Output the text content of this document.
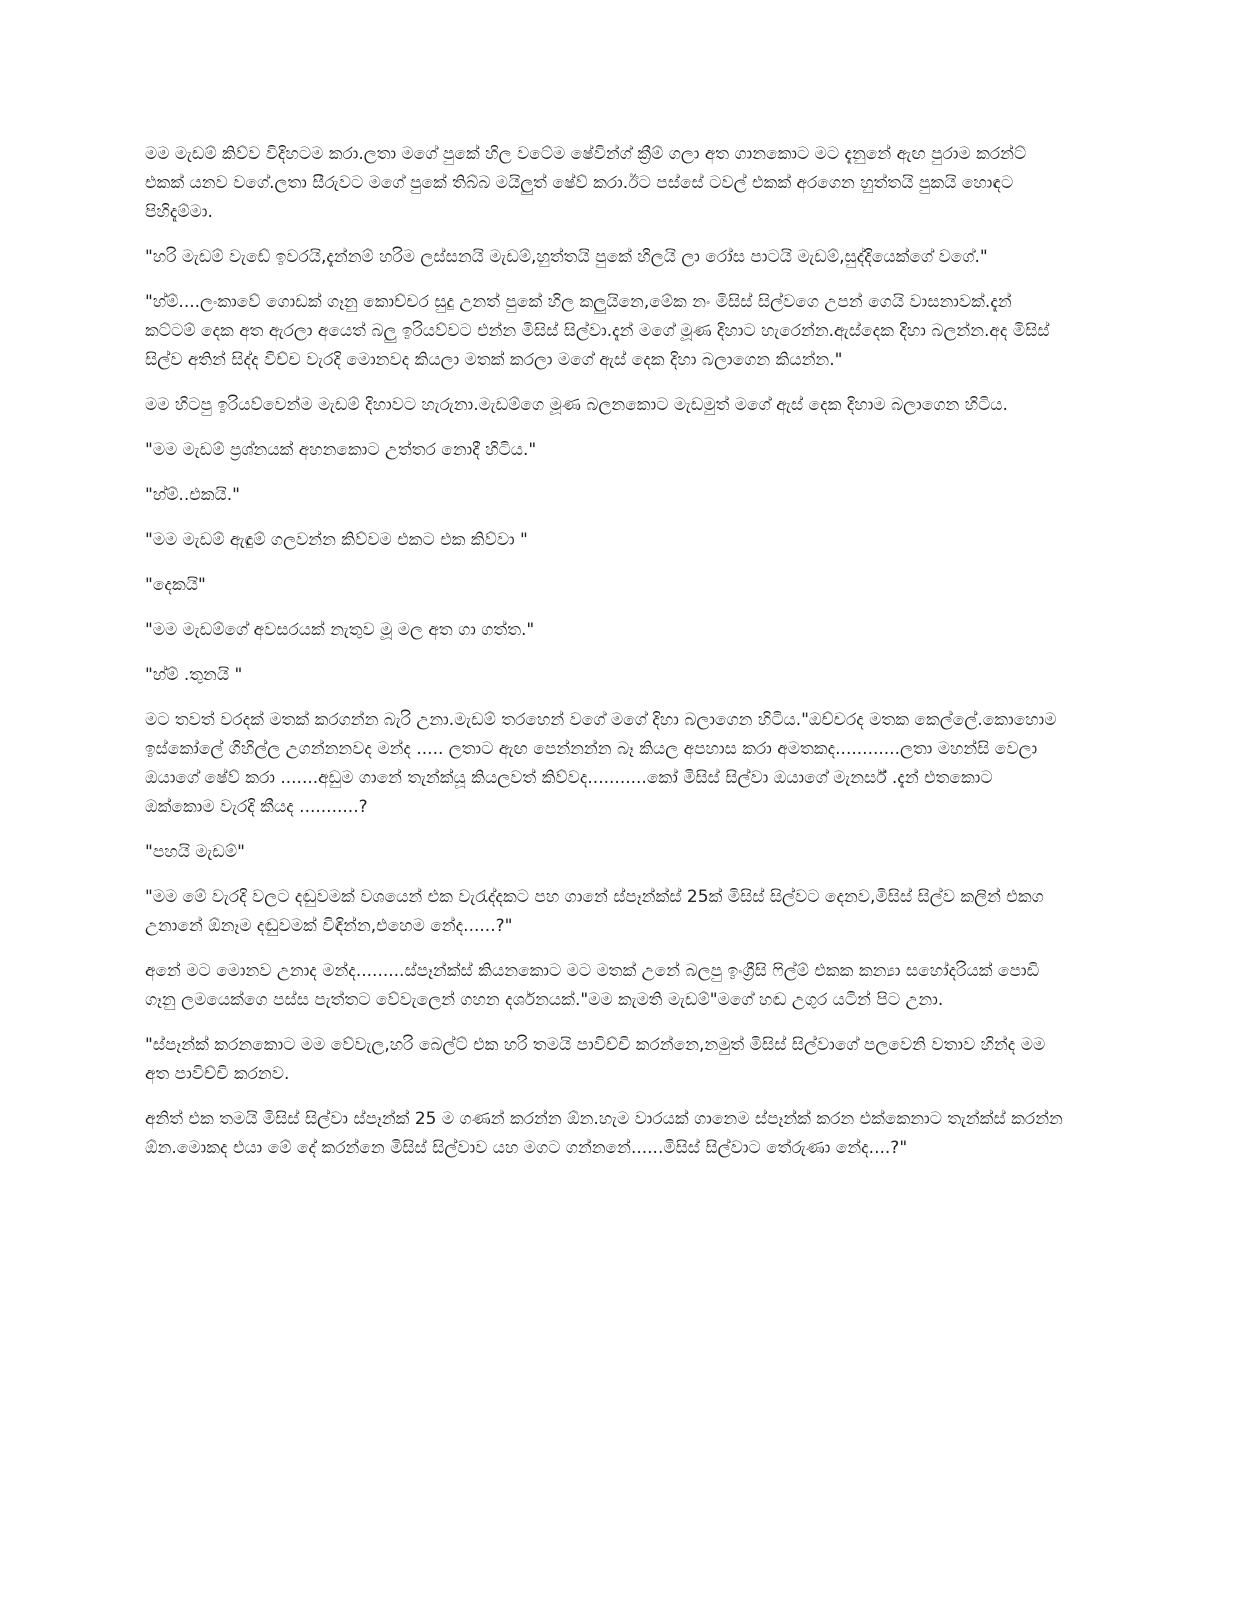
මම මැඩම් කිව්ව විදිහටම කරා.ලතා මගේ පුකේ හිල වටේම ෂේවින්ග් ක්‍රීම් ගලා අත ගානකොට මට දැනුනේ ඇඟ පුරාම කරන්ට් එකක් යනව වගේ.ලතා සීරුවට මගේ පුකේ තිබ්බ මයිලුත් ෂේව් කරා.ඊට පස්සේ ටවල් එකක් අරගෙන හුත්තයි පුකයි හොඳට පිහිදැම්මා.

"හරි මැඩම් වැඩේ ඉවරයි,දැන්නම් හරිම ලස්සනයි මැඩම්,හුත්තයි පුකේ හිලයි ලා රෝස පාටයි මැඩම්,සුද්දියෙක්ගේ වගේ."

"හ්ම්....ලංකාවේ ගොඩක් ගෑනු කොච්චර සුදු උනත් පුකේ හිල කලුයිනෙ,මේක නං මිසිස් සිල්වගෙ උපන් ගෙයි වාසනාවක්.දැන් කට්ටම් දෙක අත ඇරලා අයෙත් බලු ඉරියව්වට එන්න මිසිස් සිල්වා.දැන් මගේ මූණ දිහාට හැරෙන්න.ඇස්දෙක දිහා බලන්න.අද මිසිස් සිල්ව අතින් සිද්ද විච්ච වැරදි මොනවද කියලා මතක් කරලා මගේ ඇස් දෙක දිහා බලාගෙන කියන්න."

මම හිටපු ඉරියව්වෙන්ම මැඩම් දිහාවට හැරුනා.මැඩම්ගෙ මූණ බලනකොට මැඩමුත් මගේ ඇස් දෙක දිහාම බලාගෙන හිටිය.

"මම මැඩම් ප්‍රශ්නයක් අහනකොට උත්තර නොදී හිටිය."

"හ්ම්..එකයි."

"මම මැඩම් ඇඳුම් ගලවන්න කිව්වම එකට එක කිව්වා "

"දෙකයි"

"මම මැඩම්ගේ අවසරයක් නැතුව මූ මල අත ගා ගත්ත."

"හ්ම් .තුනයි "

මට තවත් වරදක් මතක් කරගන්න බැරි උනා.මැඩම් තරහෙන් වගේ මගේ දිහා බලාගෙන හිටිය."ඔච්චරද මතක කෙල්ලේ.කොහොම ඉස්කෝලේ ගිහිල්ල උගන්නනවද මන්ද ..... ලතාට ඇඟ පෙන්නන්න බෑ කියල අපහාස කරා අමතකද............ලතා මහන්සි වෙලා ඔයාගේ ෂේව් කරා .......අඩුම ගානේ තැන්ක්යූ කියලවත් කිව්වද...........කෝ මිසිස් සිල්වා ඔයාගේ මැනර්ස් .දැන් එතකොට ඔක්කොම වැරදි කීයද ...........?

"පහයි මැඩම්"

"මම මේ වැරදි වලට දඬුවමක් වශයෙන් එක වැරැද්දකට පහ ගානේ ස්පෑන්ක්ස් 25ක් මිසිස් සිල්වට දෙනව,මිසිස් සිල්ව කලින් එකග උනානේ ඕනෑම දඬුවමක් විඳින්න,එහෙම නේද......?"

අනේ මට මොනව උනාද මන්ද.........ස්පෑන්ක්ස් කියනකොට මට මතක් උනේ බලපු ඉංග්‍රීසි ෆිල්ම් එකක කන්‍යා සහෝදරියක් පොඩි ගෑනු ලමයෙක්ගෙ පස්ස පැත්තට වේවැලෙන් ගහන දර්ශනයක්."මම කැමති මැඩම්"මගේ හඬ උගුර යටින් පිට උනා.

"ස්පෑන්ක් කරනකොට මම වේවැල,හරි බෙල්ට් එක හරි තමයි පාවිච්චි කරන්නෙ,නමුත් මිසිස් සිල්වාගේ පලවෙනි වතාව හින්ද මම අත පාවිච්චි කරනව.

අනිත් එක තමයි මිසිස් සිල්වා ස්පෑන්ක් 25 ම ගණන් කරන්න ඕන.හැම වාරයක් ගානෙම ස්පෑන්ක් කරන එක්කෙනාට තැන්ක්ස් කරන්න ඕන.මොකද එයා මේ දේ කරන්නෙ මිසිස් සිල්වාව යහ මගට ගන්නනේ......මිසිස් සිල්වාට තේරුණා නේද....?"
